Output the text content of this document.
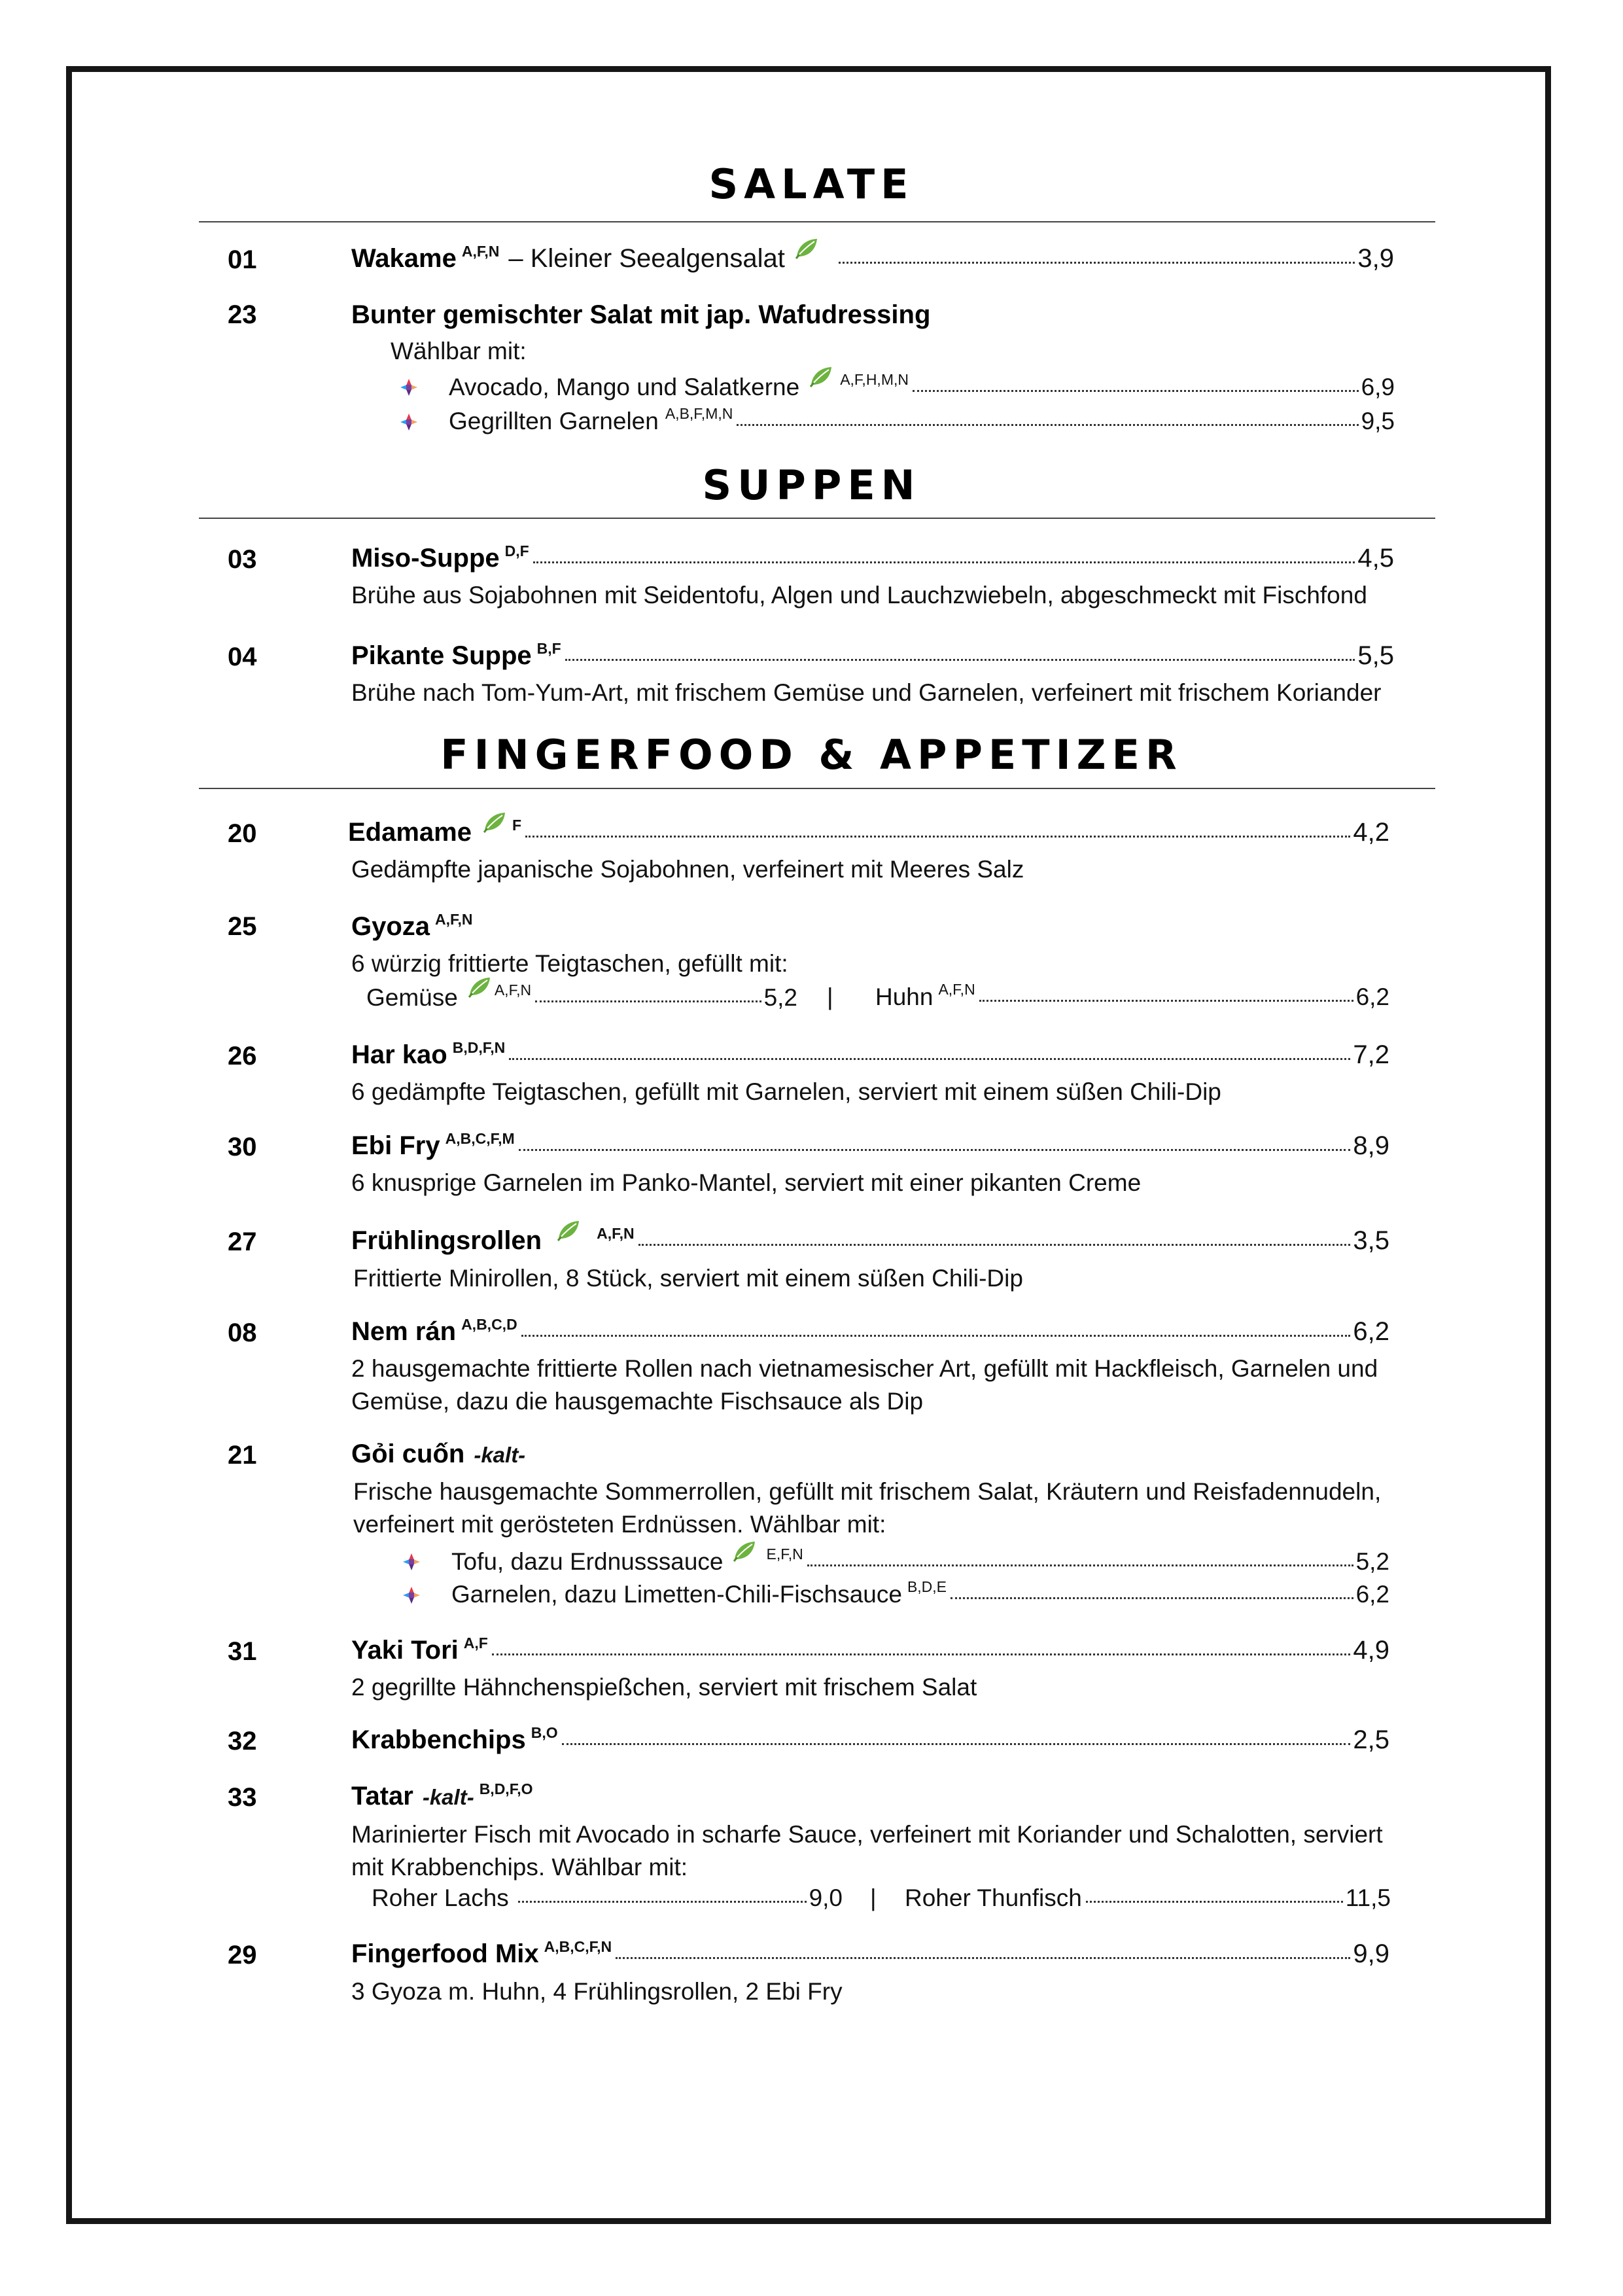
SALATE
01	Wakame A,F,N – Kleiner Seealgensalat	3,9
23	Bunter gemischter Salat mit jap. Wafudressing
Wählbar mit:
Avocado, Mango und Salatkerne	A,F,H,M,N	6,9
Gegrillten Garnelen A,B,F,M,N	9,5
SUPPEN
03	Miso-Suppe D,F	4,5
Brühe aus Sojabohnen mit Seidentofu, Algen und Lauchzwiebeln, abgeschmeckt mit Fischfond
04	Pikante Suppe B,F	5,5
Brühe nach Tom-Yum-Art, mit frischem Gemüse und Garnelen, verfeinert mit frischem Koriander
FINGERFOOD & APPETIZER
20	Edamame	F	4,2
Gedämpfte japanische Sojabohnen, verfeinert mit Meeres Salz
25	Gyoza A,F,N
6 würzig frittierte Teigtaschen, gefüllt mit:
Gemüse A,F,N	5,2 | Huhn A,F,N	6,2
26	Har kao B,D,F,N	7,2
6 gedämpfte Teigtaschen, gefüllt mit Garnelen, serviert mit einem süßen Chili-Dip
30	Ebi Fry A,B,C,F,M	8,9
6 knusprige Garnelen im Panko-Mantel, serviert mit einer pikanten Creme
27	Frühlingsrollen	A,F,N	3,5
Frittierte Minirollen, 8 Stück, serviert mit einem süßen Chili-Dip
08	Nem rán A,B,C,D	6,2
2 hausgemachte frittierte Rollen nach vietnamesischer Art, gefüllt mit Hackfleisch, Garnelen und
Gemüse, dazu die hausgemachte Fischsauce als Dip
21	Gỏi cuốn -kalt-
Frische hausgemachte Sommerrollen, gefüllt mit frischem Salat, Kräutern und Reisfadennudeln,
verfeinert mit gerösteten Erdnüssen. Wählbar mit:
Tofu, dazu Erdnusssauce	E,F,N	5,2
Garnelen, dazu Limetten-Chili-Fischsauce B,D,E	6,2
31	Yaki Tori A,F	4,9
2 gegrillte Hähnchenspießchen, serviert mit frischem Salat
32	Krabbenchips B,O	2,5
33	Tatar -kalt- B,D,F,O
Marinierter Fisch mit Avocado in scharfe Sauce, verfeinert mit Koriander und Schalotten, serviert
mit Krabbenchips. Wählbar mit:
Roher Lachs	9,0 | Roher Thunfisch	11,5
29	Fingerfood Mix A,B,C,F,N	9,9
3 Gyoza m. Huhn, 4 Frühlingsrollen, 2 Ebi Fry
